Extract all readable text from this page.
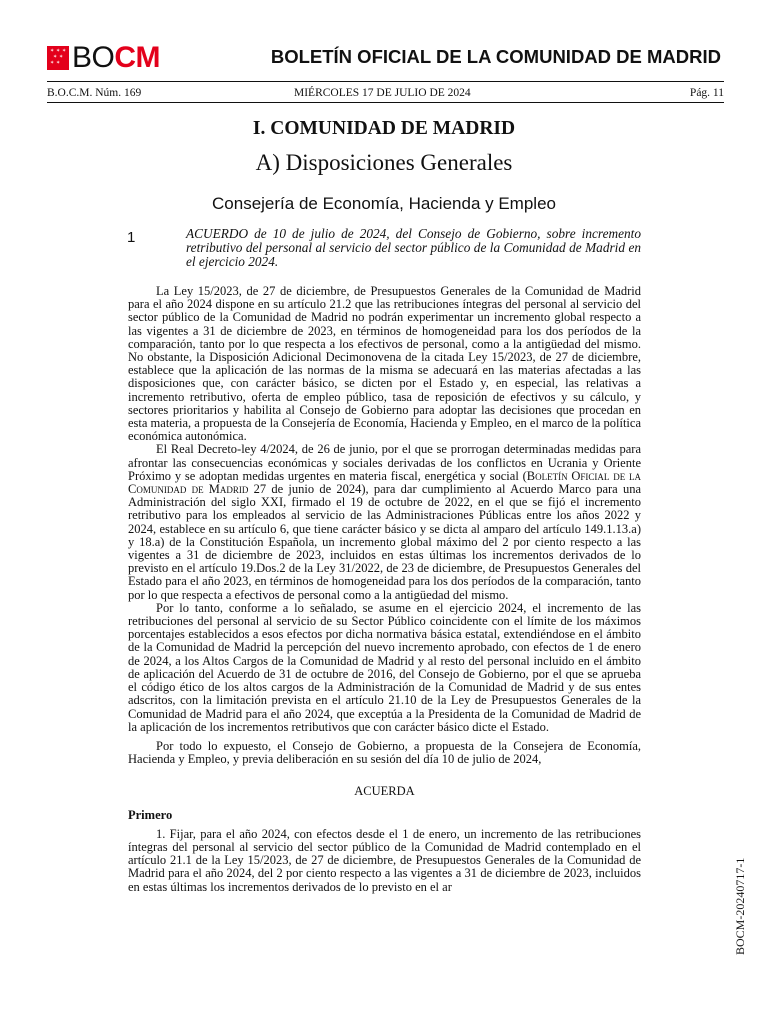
✶ ✶ ✶
✶ ✶
✶ ✶ BOCM	BOLETÍN OFICIAL DE LA COMUNIDAD DE MADRID
B.O.C.M. Núm. 169	MIÉRCOLES 17 DE JULIO DE 2024	Pág. 11
I. COMUNIDAD DE MADRID
A) Disposiciones Generales
Consejería de Economía, Hacienda y Empleo
1	ACUERDO de 10 de julio de 2024, del Consejo de Gobierno, sobre incremento retributivo del personal al servicio del sector público de la Comunidad de Madrid en el ejercicio 2024.

La Ley 15/2023, de 27 de diciembre, de Presupuestos Generales de la Comunidad de Madrid para el año 2024 dispone en su artículo 21.2 que las retribuciones íntegras del personal al servicio del sector público de la Comunidad de Madrid no podrán experimentar un incremento global respecto a las vigentes a 31 de diciembre de 2023, en términos de homogeneidad para los dos períodos de la comparación, tanto por lo que respecta a los efectivos de personal, como a la antigüedad del mismo. No obstante, la Disposición Adicional Decimonovena de la citada Ley 15/2023, de 27 de diciembre, establece que la aplicación de las normas de la misma se adecuará en las materias afectadas a las disposiciones que, con carácter básico, se dicten por el Estado y, en especial, las relativas a incremento retributivo, oferta de empleo público, tasa de reposición de efectivos y su cálculo, y sectores prioritarios y habilita al Consejo de Gobierno para adoptar las decisiones que procedan en esta materia, a propuesta de la Consejería de Economía, Hacienda y Empleo, en el marco de la política económica autonómica.

El Real Decreto-ley 4/2024, de 26 de junio, por el que se prorrogan determinadas medidas para afrontar las consecuencias económicas y sociales derivadas de los conflictos en Ucrania y Oriente Próximo y se adoptan medidas urgentes en materia fiscal, energética y social (Boletín Oficial de la Comunidad de Madrid 27 de junio de 2024), para dar cumplimiento al Acuerdo Marco para una Administración del siglo XXI, firmado el 19 de octubre de 2022, en el que se fijó el incremento retributivo para los empleados al servicio de las Administraciones Públicas entre los años 2022 y 2024, establece en su artículo 6, que tiene carácter básico y se dicta al amparo del artículo 149.1.13.a) y 18.a) de la Constitución Española, un incremento global máximo del 2 por ciento respecto a las vigentes a 31 de diciembre de 2023, incluidos en estas últimas los incrementos derivados de lo previsto en el artículo 19.Dos.2 de la Ley 31/2022, de 23 de diciembre, de Presupuestos Generales del Estado para el año 2023, en términos de homogeneidad para los dos períodos de la comparación, tanto por lo que respecta a efectivos de personal como a la antigüedad del mismo.

Por lo tanto, conforme a lo señalado, se asume en el ejercicio 2024, el incremento de las retribuciones del personal al servicio de su Sector Público coincidente con el límite de los máximos porcentajes establecidos a esos efectos por dicha normativa básica estatal, extendiéndose en el ámbito de la Comunidad de Madrid la percepción del nuevo incremento aprobado, con efectos de 1 de enero de 2024, a los Altos Cargos de la Comunidad de Madrid y al resto del personal incluido en el ámbito de aplicación del Acuerdo de 31 de octubre de 2016, del Consejo de Gobierno, por el que se aprueba el código ético de los altos cargos de la Administración de la Comunidad de Madrid y de sus entes adscritos, con la limitación prevista en el artículo 21.10 de la Ley de Presupuestos Generales de la Comunidad de Madrid para el año 2024, que exceptúa a la Presidenta de la Comunidad de Madrid de la aplicación de los incrementos retributivos que con carácter básico dicte el Estado.

Por todo lo expuesto, el Consejo de Gobierno, a propuesta de la Consejera de Economía, Hacienda y Empleo, y previa deliberación en su sesión del día 10 de julio de 2024,

ACUERDA

Primero

1. Fijar, para el año 2024, con efectos desde el 1 de enero, un incremento de las retribuciones íntegras del personal al servicio del sector público de la Comunidad de Madrid contemplado en el artículo 21.1 de la Ley 15/2023, de 27 de diciembre, de Presupuestos Generales de la Comunidad de Madrid para el año 2024, del 2 por ciento respecto a las vigentes a 31 de diciembre de 2023, incluidos en estas últimas los incrementos derivados de lo previsto en el ar	BOCM-20240717-1
